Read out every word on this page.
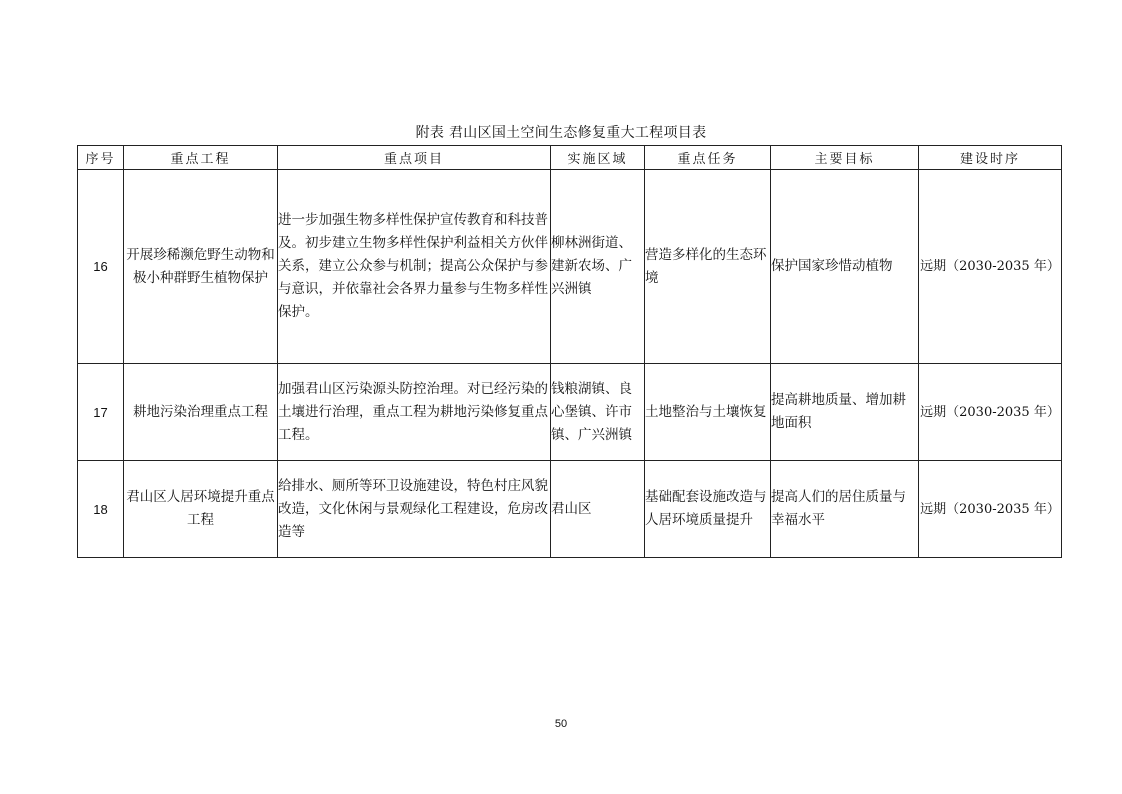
附表 君山区国土空间生态修复重大工程项目表
序号	重点工程	重点项目	实施区域	重点任务	主要目标	建设时序
16	开展珍稀濒危野生动物和极小种群野生植物保护	进一步加强生物多样性保护宣传教育和科技普及。初步建立生物多样性保护利益相关方伙伴关系，建立公众参与机制；提高公众保护与参与意识，并依靠社会各界力量参与生物多样性保护。	柳林洲街道、建新农场、广兴洲镇	营造多样化的生态环境	保护国家珍惜动植物	远期（2030-2035 年）
17	耕地污染治理重点工程	加强君山区污染源头防控治理。对已经污染的土壤进行治理，重点工程为耕地污染修复重点工程。	钱粮湖镇、良心堡镇、许市镇、广兴洲镇	土地整治与土壤恢复	提高耕地质量、增加耕地面积	远期（2030-2035 年）
18	君山区人居环境提升重点工程	给排水、厕所等环卫设施建设，特色村庄风貌改造，文化休闲与景观绿化工程建设，危房改造等	君山区	基础配套设施改造与人居环境质量提升	提高人们的居住质量与幸福水平	远期（2030-2035 年）
50
